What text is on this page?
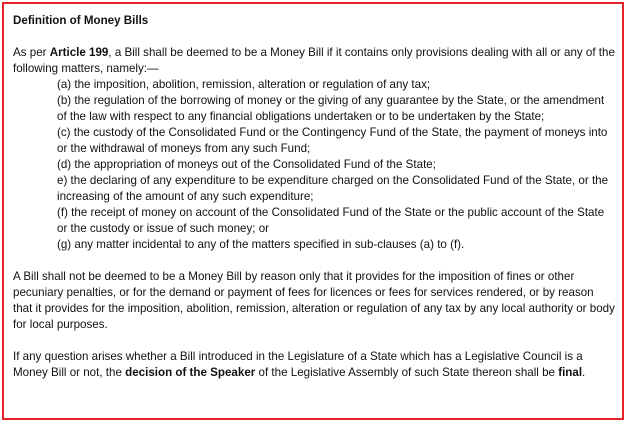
Definition of Money Bills

As per Article 199, a Bill shall be deemed to be a Money Bill if it contains only provisions dealing with all or any of the following matters, namely:—

(a) the imposition, abolition, remission, alteration or regulation of any tax;

(b) the regulation of the borrowing of money or the giving of any guarantee by the State, or the amendment of the law with respect to any financial obligations undertaken or to be undertaken by the State;

(c) the custody of the Consolidated Fund or the Contingency Fund of the State, the payment of moneys into or the withdrawal of moneys from any such Fund;

(d) the appropriation of moneys out of the Consolidated Fund of the State;

e) the declaring of any expenditure to be expenditure charged on the Consolidated Fund of the State, or the increasing of the amount of any such expenditure;

(f) the receipt of money on account of the Consolidated Fund of the State or the public account of the State or the custody or issue of such money; or

(g) any matter incidental to any of the matters specified in sub-clauses (a) to (f).

A Bill shall not be deemed to be a Money Bill by reason only that it provides for the imposition of fines or other pecuniary penalties, or for the demand or payment of fees for licences or fees for services rendered, or by reason that it provides for the imposition, abolition, remission, alteration or regulation of any tax by any local authority or body for local purposes.

If any question arises whether a Bill introduced in the Legislature of a State which has a Legislative Council is a Money Bill or not, the decision of the Speaker of the Legislative Assembly of such State thereon shall be final.
